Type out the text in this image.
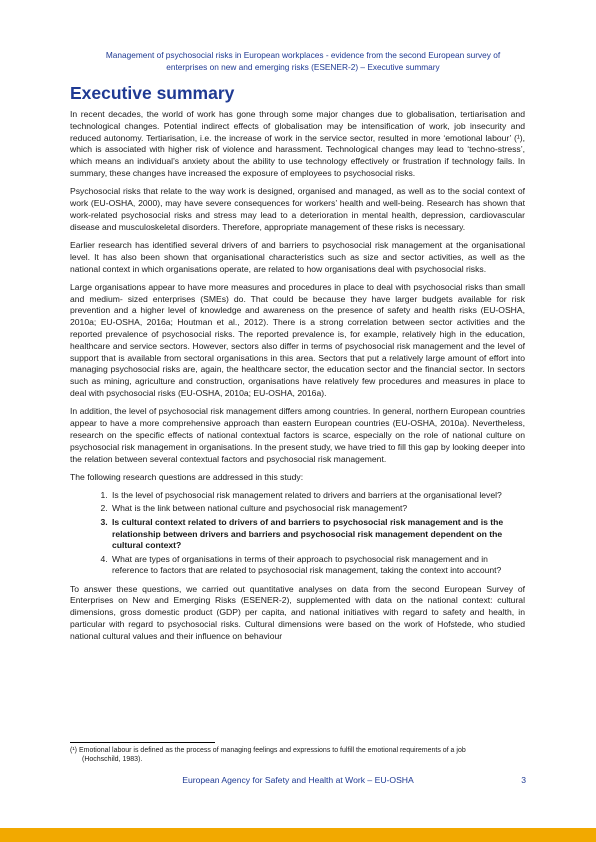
Management of psychosocial risks in European workplaces - evidence from the second European survey of
enterprises on new and emerging risks (ESENER-2) – Executive summary
Executive summary

In recent decades, the world of work has gone through some major changes due to globalisation, tertiarisation and technological changes. Potential indirect effects of globalisation may be intensification of work, job insecurity and reduced autonomy. Tertiarisation, i.e. the increase of work in the service sector, resulted in more ‘emotional labour’ (¹), which is associated with higher risk of violence and harassment. Technological changes may lead to ‘techno-stress’, which means an individual’s anxiety about the ability to use technology effectively or frustration if technology fails. In summary, these changes have increased the exposure of employees to psychosocial risks.

Psychosocial risks that relate to the way work is designed, organised and managed, as well as to the social context of work (EU-OSHA, 2000), may have severe consequences for workers’ health and well-being. Research has shown that work-related psychosocial risks and stress may lead to a deterioration in mental health, depression, cardiovascular disease and musculoskeletal disorders. Therefore, appropriate management of these risks is necessary.

Earlier research has identified several drivers of and barriers to psychosocial risk management at the organisational level. It has also been shown that organisational characteristics such as size and sector activities, as well as the national context in which organisations operate, are related to how organisations deal with psychosocial risks.

Large organisations appear to have more measures and procedures in place to deal with psychosocial risks than small and medium- sized enterprises (SMEs) do. That could be because they have larger budgets available for risk prevention and a higher level of knowledge and awareness on the presence of safety and health risks (EU-OSHA, 2010a; EU-OSHA, 2016a; Houtman et al., 2012). There is a strong correlation between sector activities and the reported prevalence of psychosocial risks. The reported prevalence is, for example, relatively high in the education, healthcare and service sectors. However, sectors also differ in terms of psychosocial risk management and the level of support that is available from sectoral organisations in this area. Sectors that put a relatively large amount of effort into managing psychosocial risks are, again, the healthcare sector, the education sector and the financial sector. In sectors such as mining, agriculture and construction, organisations have relatively few procedures and measures in place to deal with psychosocial risks (EU-OSHA, 2010a; EU-OSHA, 2016a).

In addition, the level of psychosocial risk management differs among countries. In general, northern European countries appear to have a more comprehensive approach than eastern European countries (EU-OSHA, 2010a). Nevertheless, research on the specific effects of national contextual factors is scarce, especially on the role of national culture on psychosocial risk management in organisations. In the present study, we have tried to fill this gap by looking deeper into the relation between several contextual factors and psychosocial risk management.

The following research questions are addressed in this study:

1. Is the level of psychosocial risk management related to drivers and barriers at the organisational level?
2. What is the link between national culture and psychosocial risk management?
3. Is cultural context related to drivers of and barriers to psychosocial risk management and is the relationship between drivers and barriers and psychosocial risk management dependent on the cultural context?
4. What are types of organisations in terms of their approach to psychosocial risk management and in reference to factors that are related to psychosocial risk management, taking the context into account?

To answer these questions, we carried out quantitative analyses on data from the second European Survey of Enterprises on New and Emerging Risks (ESENER-2), supplemented with data on the national context: cultural dimensions, gross domestic product (GDP) per capita, and national initiatives with regard to safety and health, in particular with regard to psychosocial risks. Cultural dimensions were based on the work of Hofstede, who studied national cultural values and their influence on behaviour

(¹) Emotional labour is defined as the process of managing feelings and expressions to fulfill the emotional requirements of a job
(Hochschild, 1983).
European Agency for Safety and Health at Work – EU-OSHA	3
